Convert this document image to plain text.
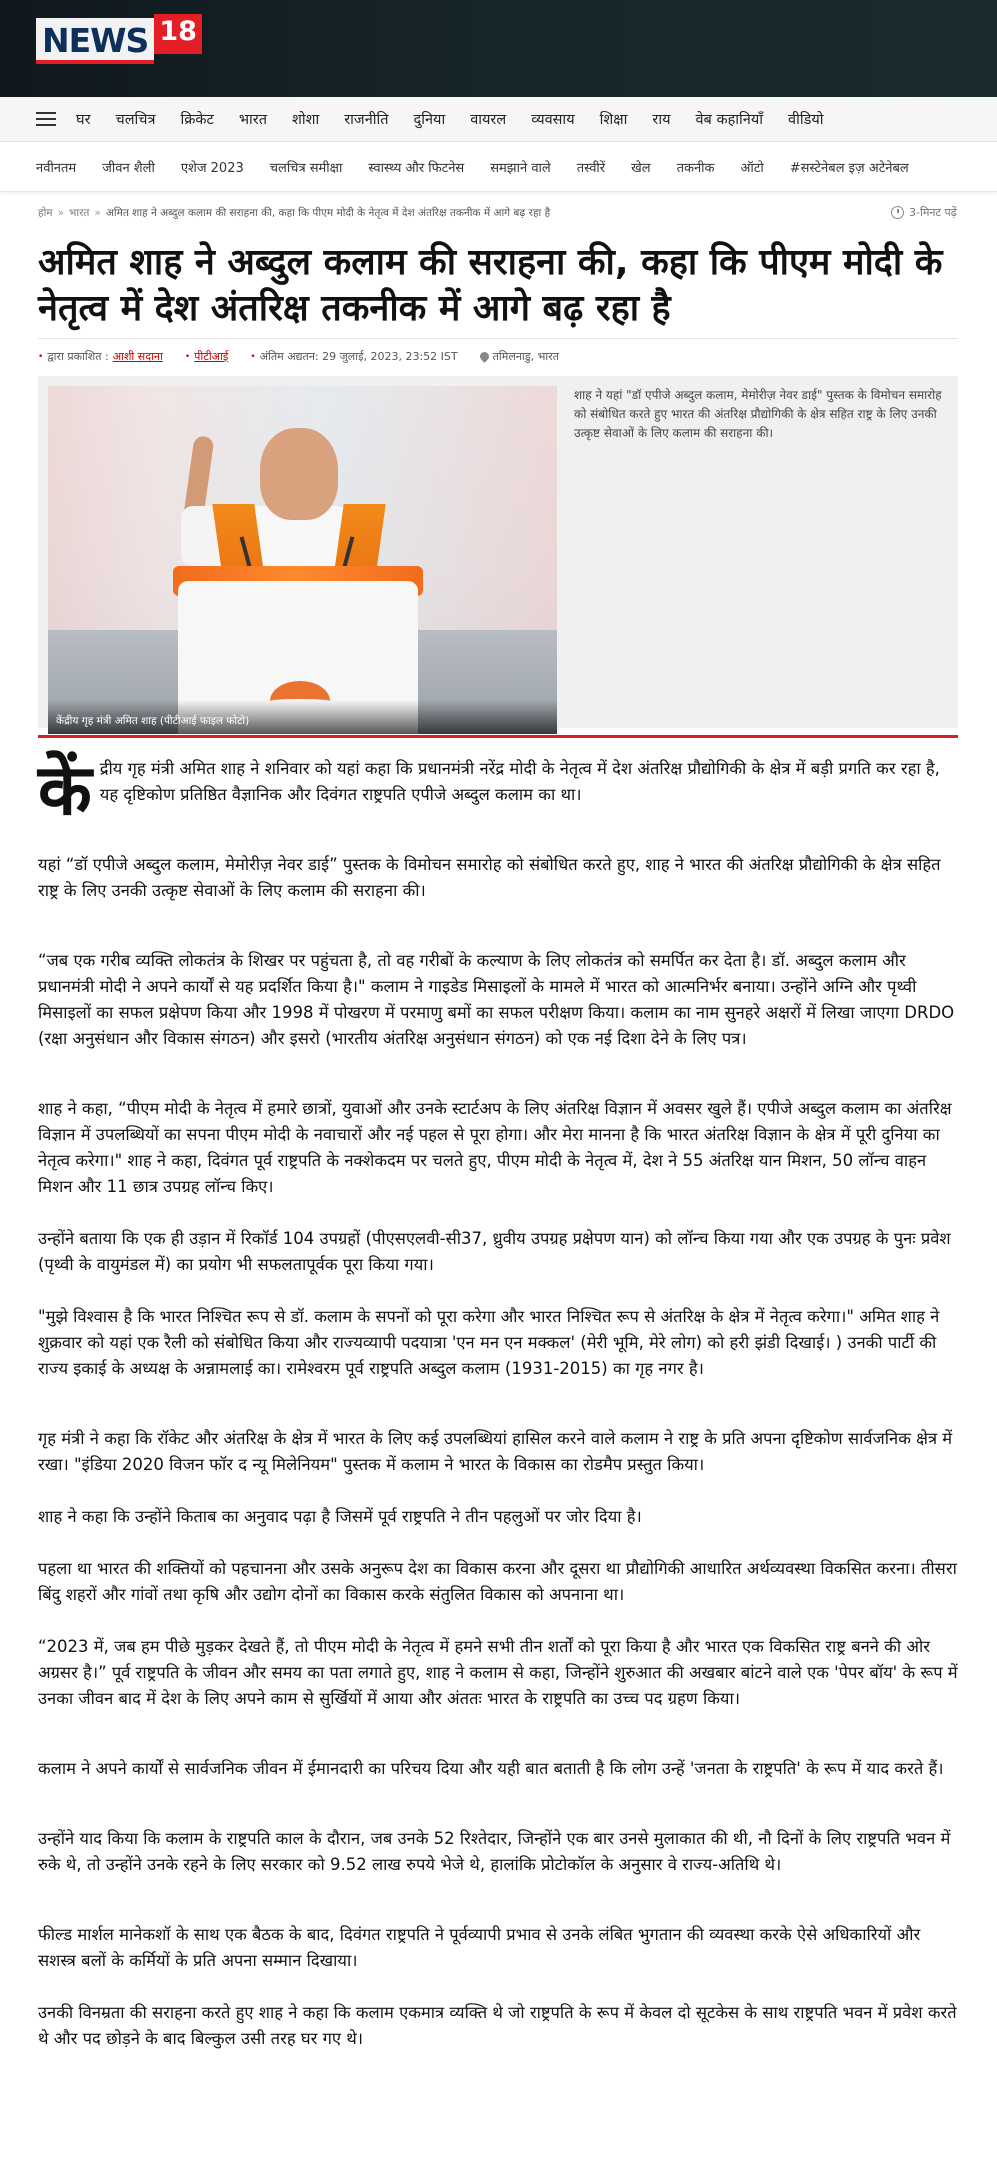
NEWS 18
घर चलचित्र क्रिकेट भारत शोशा राजनीति दुनिया वायरल व्यवसाय शिक्षा राय वेब कहानियाँ वीडियो
नवीनतम जीवन शैली एशेज 2023 चलचित्र समीक्षा स्वास्थ्य और फिटनेस समझाने वाले तस्वीरें खेल तकनीक ऑटो #सस्टेनेबल इज़ अटेनेबल
होम » भारत » अमित शाह ने अब्दुल कलाम की सराहना की, कहा कि पीएम मोदी के नेतृत्व में देश अंतरिक्ष तकनीक में आगे बढ़ रहा है	3-मिनट पढ़ें
अमित शाह ने अब्दुल कलाम की सराहना की, कहा कि पीएम मोदी के नेतृत्व में देश अंतरिक्ष तकनीक में आगे बढ़ रहा है
• द्वारा प्रकाशित : आशी सदाना • पीटीआई • अंतिम अद्यतन: 29 जुलाई, 2023, 23:52 IST	तमिलनाडु, भारत
केंद्रीय गृह मंत्री अमित शाह (पीटीआई फाइल फोटो)
शाह ने यहां "डॉ एपीजे अब्दुल कलाम, मेमोरीज़ नेवर डाई" पुस्तक के विमोचन समारोह को संबोधित करते हुए भारत की अंतरिक्ष प्रौद्योगिकी के क्षेत्र सहित राष्ट्र के लिए उनकी उत्कृष्ट सेवाओं के लिए कलाम की सराहना की।

कें द्रीय गृह मंत्री अमित शाह ने शनिवार को यहां कहा कि प्रधानमंत्री नरेंद्र मोदी के नेतृत्व में देश अंतरिक्ष प्रौद्योगिकी के क्षेत्र में बड़ी प्रगति कर रहा है, यह दृष्टिकोण प्रतिष्ठित वैज्ञानिक और दिवंगत राष्ट्रपति एपीजे अब्दुल कलाम का था।

यहां “डॉ एपीजे अब्दुल कलाम, मेमोरीज़ नेवर डाई” पुस्तक के विमोचन समारोह को संबोधित करते हुए, शाह ने भारत की अंतरिक्ष प्रौद्योगिकी के क्षेत्र सहित राष्ट्र के लिए उनकी उत्कृष्ट सेवाओं के लिए कलाम की सराहना की।

“जब एक गरीब व्यक्ति लोकतंत्र के शिखर पर पहुंचता है, तो वह गरीबों के कल्याण के लिए लोकतंत्र को समर्पित कर देता है। डॉ. अब्दुल कलाम और प्रधानमंत्री मोदी ने अपने कार्यों से यह प्रदर्शित किया है।" कलाम ने गाइडेड मिसाइलों के मामले में भारत को आत्मनिर्भर बनाया। उन्होंने अग्नि और पृथ्वी मिसाइलों का सफल प्रक्षेपण किया और 1998 में पोखरण में परमाणु बमों का सफल परीक्षण किया। कलाम का नाम सुनहरे अक्षरों में लिखा जाएगा DRDO (रक्षा अनुसंधान और विकास संगठन) और इसरो (भारतीय अंतरिक्ष अनुसंधान संगठन) को एक नई दिशा देने के लिए पत्र।

शाह ने कहा, “पीएम मोदी के नेतृत्व में हमारे छात्रों, युवाओं और उनके स्टार्टअप के लिए अंतरिक्ष विज्ञान में अवसर खुले हैं। एपीजे अब्दुल कलाम का अंतरिक्ष विज्ञान में उपलब्धियों का सपना पीएम मोदी के नवाचारों और नई पहल से पूरा होगा। और मेरा मानना है कि भारत अंतरिक्ष विज्ञान के क्षेत्र में पूरी दुनिया का नेतृत्व करेगा।" शाह ने कहा, दिवंगत पूर्व राष्ट्रपति के नक्शेकदम पर चलते हुए, पीएम मोदी के नेतृत्व में, देश ने 55 अंतरिक्ष यान मिशन, 50 लॉन्च वाहन मिशन और 11 छात्र उपग्रह लॉन्च किए।

उन्होंने बताया कि एक ही उड़ान में रिकॉर्ड 104 उपग्रहों (पीएसएलवी-सी37, ध्रुवीय उपग्रह प्रक्षेपण यान) को लॉन्च किया गया और एक उपग्रह के पुनः प्रवेश (पृथ्वी के वायुमंडल में) का प्रयोग भी सफलतापूर्वक पूरा किया गया।

"मुझे विश्वास है कि भारत निश्चित रूप से डॉ. कलाम के सपनों को पूरा करेगा और भारत निश्चित रूप से अंतरिक्ष के क्षेत्र में नेतृत्व करेगा।" अमित शाह ने शुक्रवार को यहां एक रैली को संबोधित किया और राज्यव्यापी पदयात्रा 'एन मन एन मक्कल' (मेरी भूमि, मेरे लोग) को हरी झंडी दिखाई। ) उनकी पार्टी की राज्य इकाई के अध्यक्ष के अन्नामलाई का। रामेश्वरम पूर्व राष्ट्रपति अब्दुल कलाम (1931-2015) का गृह नगर है।

गृह मंत्री ने कहा कि रॉकेट और अंतरिक्ष के क्षेत्र में भारत के लिए कई उपलब्धियां हासिल करने वाले कलाम ने राष्ट्र के प्रति अपना दृष्टिकोण सार्वजनिक क्षेत्र में रखा। "इंडिया 2020 विजन फॉर द न्यू मिलेनियम" पुस्तक में कलाम ने भारत के विकास का रोडमैप प्रस्तुत किया।

शाह ने कहा कि उन्होंने किताब का अनुवाद पढ़ा है जिसमें पूर्व राष्ट्रपति ने तीन पहलुओं पर जोर दिया है।

पहला था भारत की शक्तियों को पहचानना और उसके अनुरूप देश का विकास करना और दूसरा था प्रौद्योगिकी आधारित अर्थव्यवस्था विकसित करना। तीसरा बिंदु शहरों और गांवों तथा कृषि और उद्योग दोनों का विकास करके संतुलित विकास को अपनाना था।

“2023 में, जब हम पीछे मुड़कर देखते हैं, तो पीएम मोदी के नेतृत्व में हमने सभी तीन शर्तों को पूरा किया है और भारत एक विकसित राष्ट्र बनने की ओर अग्रसर है।” पूर्व राष्ट्रपति के जीवन और समय का पता लगाते हुए, शाह ने कलाम से कहा, जिन्होंने शुरुआत की अखबार बांटने वाले एक 'पेपर बॉय' के रूप में उनका जीवन बाद में देश के लिए अपने काम से सुर्खियों में आया और अंततः भारत के राष्ट्रपति का उच्च पद ग्रहण किया।

कलाम ने अपने कार्यों से सार्वजनिक जीवन में ईमानदारी का परिचय दिया और यही बात बताती है कि लोग उन्हें 'जनता के राष्ट्रपति' के रूप में याद करते हैं।

उन्होंने याद किया कि कलाम के राष्ट्रपति काल के दौरान, जब उनके 52 रिश्तेदार, जिन्होंने एक बार उनसे मुलाकात की थी, नौ दिनों के लिए राष्ट्रपति भवन में रुके थे, तो उन्होंने उनके रहने के लिए सरकार को 9.52 लाख रुपये भेजे थे, हालांकि प्रोटोकॉल के अनुसार वे राज्य-अतिथि थे।

फील्ड मार्शल मानेकशॉ के साथ एक बैठक के बाद, दिवंगत राष्ट्रपति ने पूर्वव्यापी प्रभाव से उनके लंबित भुगतान की व्यवस्था करके ऐसे अधिकारियों और सशस्त्र बलों के कर्मियों के प्रति अपना सम्मान दिखाया।

उनकी विनम्रता की सराहना करते हुए शाह ने कहा कि कलाम एकमात्र व्यक्ति थे जो राष्ट्रपति के रूप में केवल दो सूटकेस के साथ राष्ट्रपति भवन में प्रवेश करते थे और पद छोड़ने के बाद बिल्कुल उसी तरह घर गए थे।
